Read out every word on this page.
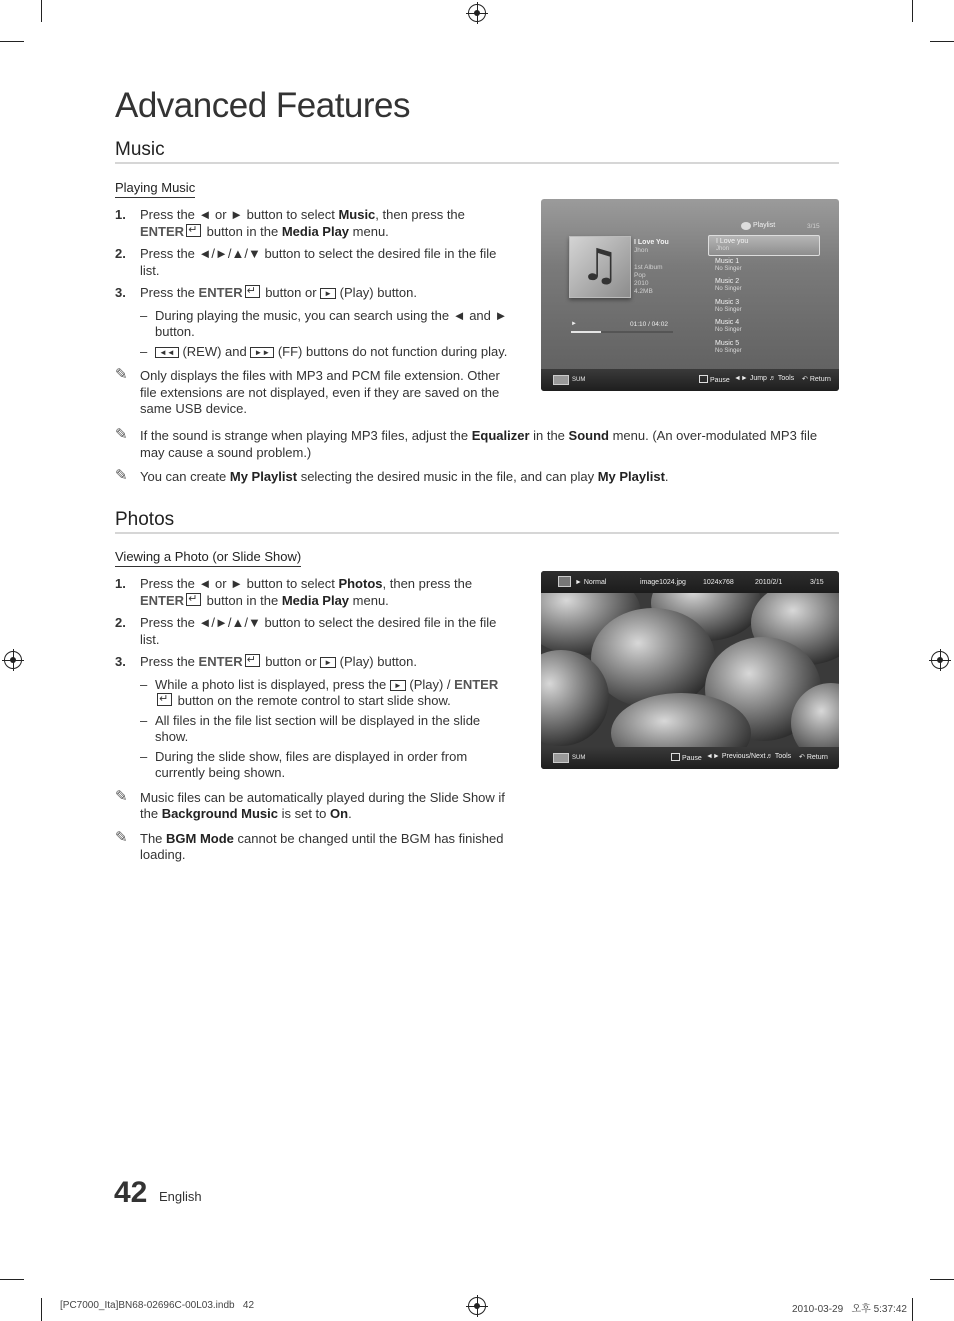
Advanced Features
Music
Playing Music
1. Press the ◄ or ► button to select Music, then press the ENTER↵ button in the Media Play menu.
2. Press the ◄/►/▲/▼ button to select the desired file in the file list.
3. Press the ENTER↵ button or ► (Play) button.
– During playing the music, you can search using the ◄ and ► button.
– ◄◄ (REW) and ►► (FF) buttons do not function during play.
✎ Only displays the files with MP3 and PCM file extension. Other file extensions are not displayed, even if they are saved on the same USB device.
✎ If the sound is strange when playing MP3 files, adjust the Equalizer in the Sound menu. (An over-modulated MP3 file may cause a sound problem.)
✎ You can create My Playlist selecting the desired music in the file, and can play My Playlist.
♫ I Love You
Jhon
1st Album
Pop
2010
4.2MB
►	01:10 / 04:02
Playlist	3/15
I Love you
Jhon
Music 1
No Singer
Music 2
No Singer
Music 3
No Singer
Music 4
No Singer
Music 5
No Singer
SUM	Pause ◄► Jump ♬ Tools ↶ Return
Photos
Viewing a Photo (or Slide Show)
1. Press the ◄ or ► button to select Photos, then press the ENTER↵ button in the Media Play menu.
2. Press the ◄/►/▲/▼ button to select the desired file in the file list.
3. Press the ENTER↵ button or ► (Play) button.
– While a photo list is displayed, press the ► (Play) / ENTER↵ button on the remote control to start slide show.
– All files in the file list section will be displayed in the slide show.
– During the slide show, files are displayed in order from currently being shown.
✎ Music files can be automatically played during the Slide Show if the Background Music is set to On.
✎ The BGM Mode cannot be changed until the BGM has finished loading.
► Normal	image1024.jpg 1024x768	2010/2/1	3/15
SUM	Pause ◄► Previous/Next ♬ Tools ↶ Return
42 English
[PC7000_Ita]BN68-02696C-00L03.indb   42	2010-03-29   오후 5:37:42
